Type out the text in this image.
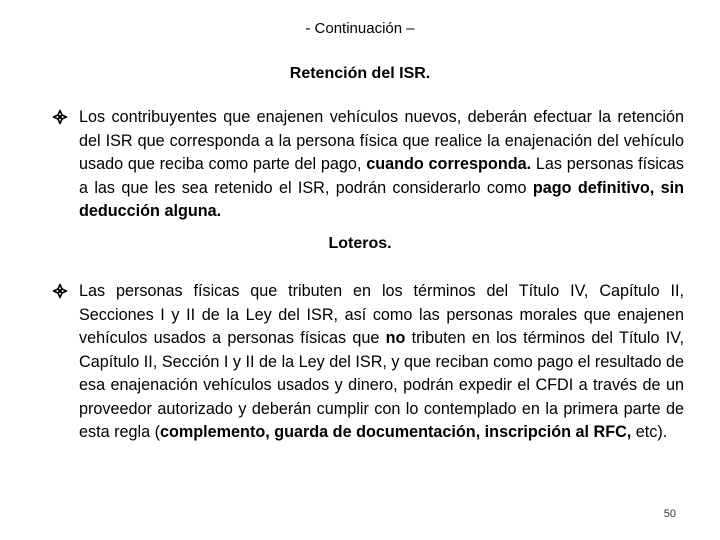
- Continuación –
Retención del ISR.
Los contribuyentes que enajenen vehículos nuevos, deberán efectuar la retención del ISR que corresponda a la persona física que realice la enajenación del vehículo usado que reciba como parte del pago, cuando corresponda. Las personas físicas a las que les sea retenido el ISR, podrán considerarlo como pago definitivo, sin deducción alguna.
Loteros.
Las personas físicas que tributen en los términos del Título IV, Capítulo II, Secciones I y II de la Ley del ISR, así como las personas morales que enajenen vehículos usados a personas físicas que no tributen en los términos del Título IV, Capítulo II, Sección I y II de la Ley del ISR, y que reciban como pago el resultado de esa enajenación vehículos usados y dinero, podrán expedir el CFDI a través de un proveedor autorizado y deberán cumplir con lo contemplado en la primera parte de esta regla (complemento, guarda de documentación, inscripción al RFC, etc).
50
